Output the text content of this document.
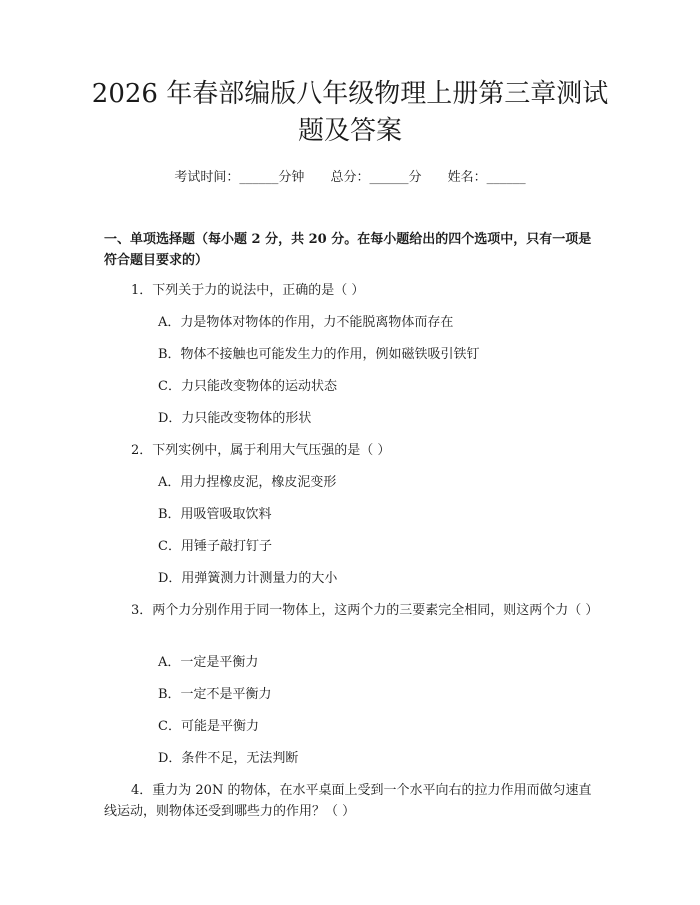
2026 年春部编版八年级物理上册第三章测试题及答案
考试时间：______分钟 总分：______分 姓名：______
一、单项选择题（每小题 2 分，共 20 分。在每小题给出的四个选项中，只有一项是符合题目要求的）
1．下列关于力的说法中，正确的是（ ）
A．力是物体对物体的作用，力不能脱离物体而存在
B．物体不接触也可能发生力的作用，例如磁铁吸引铁钉
C．力只能改变物体的运动状态
D．力只能改变物体的形状
2．下列实例中，属于利用大气压强的是（ ）
A．用力捏橡皮泥，橡皮泥变形
B．用吸管吸取饮料
C．用锤子敲打钉子
D．用弹簧测力计测量力的大小
3．两个力分别作用于同一物体上，这两个力的三要素完全相同，则这两个力（ ）
A．一定是平衡力
B．一定不是平衡力
C．可能是平衡力
D．条件不足，无法判断
4．重力为 20N 的物体，在水平桌面上受到一个水平向右的拉力作用而做匀速直线运动，则物体还受到哪些力的作用？（ ）
